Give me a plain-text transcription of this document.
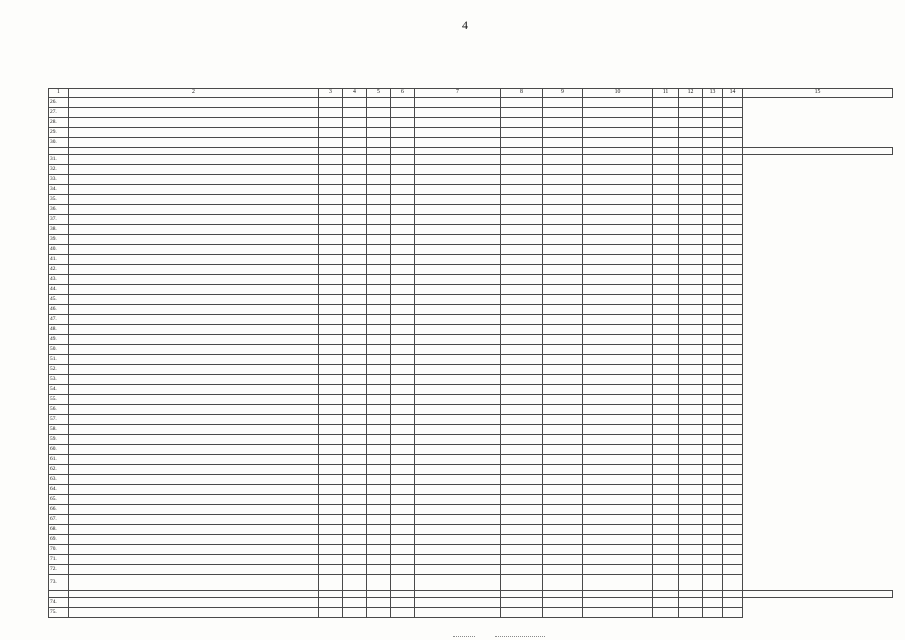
4
1	2	3	4	5	6	7	8	9	10	11	12	13	14	15
26.														
27.														
28.														
29.														
30.														

31.														
32.														
33.														
34.														
35.														
36.														
37.														
38.														
39.														
40.														
41.														
42.														
43.														
44.														
45.														
46.														
47.														
48.														
49.														
50.														
51.														
52.														
53.														
54.														
55.														
56.														
57.														
58.														
59.														
60.														
61.														
62.														
63.														
64.														
65.														
66.														
67.														
68.														
69.														
70.														
71.														
72.														
73.														

74.														
75.														
